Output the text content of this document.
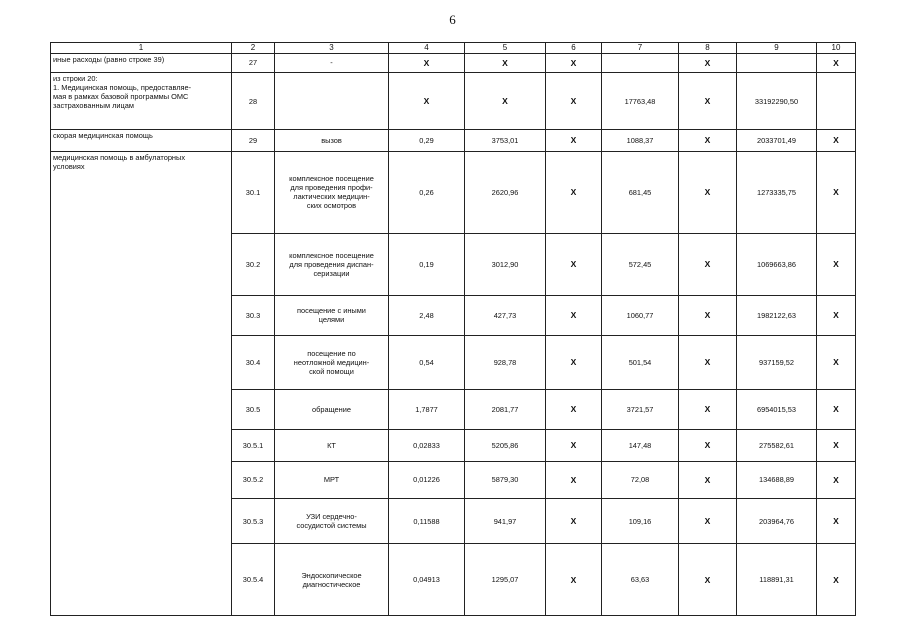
6
1	2	3	4	5	6	7	8	9	10
иные расходы (равно строке 39)	27	-	X	X	X		X		X
из строки 20:
1. Медицинская помощь, предоставляе-
мая в рамках базовой программы ОМС
застрахованным лицам	28		X	X	X	17763,48	X	33192290,50	
скорая медицинская помощь	29	вызов	0,29	3753,01	X	1088,37	X	2033701,49	X
медицинская помощь в амбулаторных
условиях	30.1	комплексное посещение
для проведения профи-
лактических медицин-
ских осмотров	0,26	2620,96	X	681,45	X	1273335,75	X
	30.2	комплексное посещение
для проведения диспан-
серизации	0,19	3012,90	X	572,45	X	1069663,86	X
	30.3	посещение с иными
целями	2,48	427,73	X	1060,77	X	1982122,63	X
	30.4	посещение по
неотложной медицин-
ской помощи	0,54	928,78	X	501,54	X	937159,52	X
	30.5	обращение	1,7877	2081,77	X	3721,57	X	6954015,53	X
	30.5.1	КТ	0,02833	5205,86	X	147,48	X	275582,61	X
	30.5.2	МРТ	0,01226	5879,30	X	72,08	X	134688,89	X
	30.5.3	УЗИ сердечно-
сосудистой системы	0,11588	941,97	X	109,16	X	203964,76	X
	30.5.4	Эндоскопическое
диагностическое	0,04913	1295,07	X	63,63	X	118891,31	X
